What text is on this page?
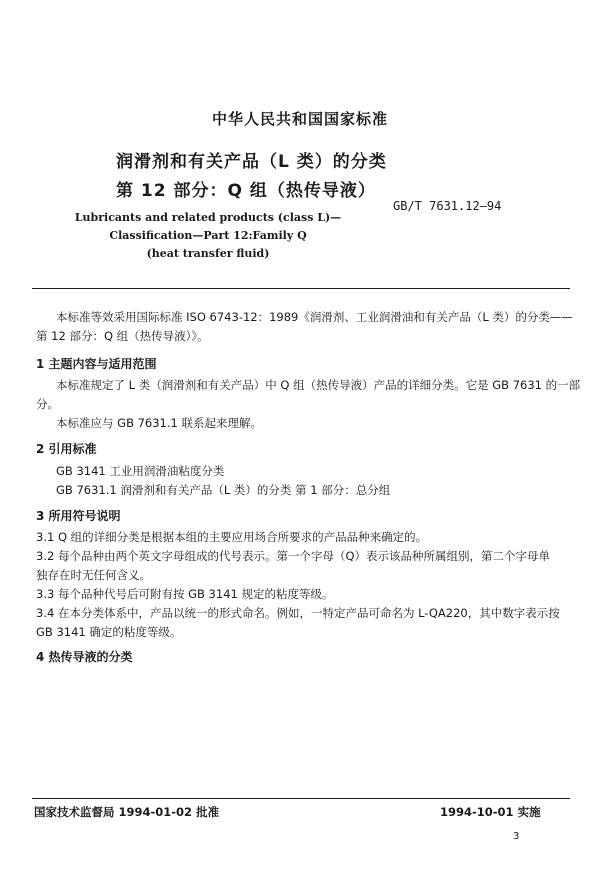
中华人民共和国国家标准
润滑剂和有关产品（L 类）的分类
第 12 部分：Q 组（热传导液）
GB/T 7631.12—94
Lubricants and related products (class L)—
Classification—Part 12:Family Q
(heat transfer fluid)
本标准等效采用国际标准 ISO 6743-12：1989《润滑剂、工业润滑油和有关产品（L 类）的分类——
第 12 部分：Q 组（热传导液）》。
1 主题内容与适用范围
本标准规定了 L 类（润滑剂和有关产品）中 Q 组（热传导液）产品的详细分类。它是 GB 7631 的一部
分。
本标准应与 GB 7631.1 联系起来理解。
2 引用标准
GB 3141 工业用润滑油粘度分类
GB 7631.1 润滑剂和有关产品（L 类）的分类 第 1 部分：总分组
3 所用符号说明
3.1 Q 组的详细分类是根据本组的主要应用场合所要求的产品品种来确定的。
3.2 每个品种由两个英文字母组成的代号表示。第一个字母（Q）表示该品种所属组别，第二个字母单
独存在时无任何含义。
3.3 每个品种代号后可附有按 GB 3141 规定的粘度等级。
3.4 在本分类体系中，产品以统一的形式命名。例如，一特定产品可命名为 L-QA220，其中数字表示按
GB 3141 确定的粘度等级。
4 热传导液的分类
国家技术监督局 1994-01-02 批准	1994-10-01 实施
3
